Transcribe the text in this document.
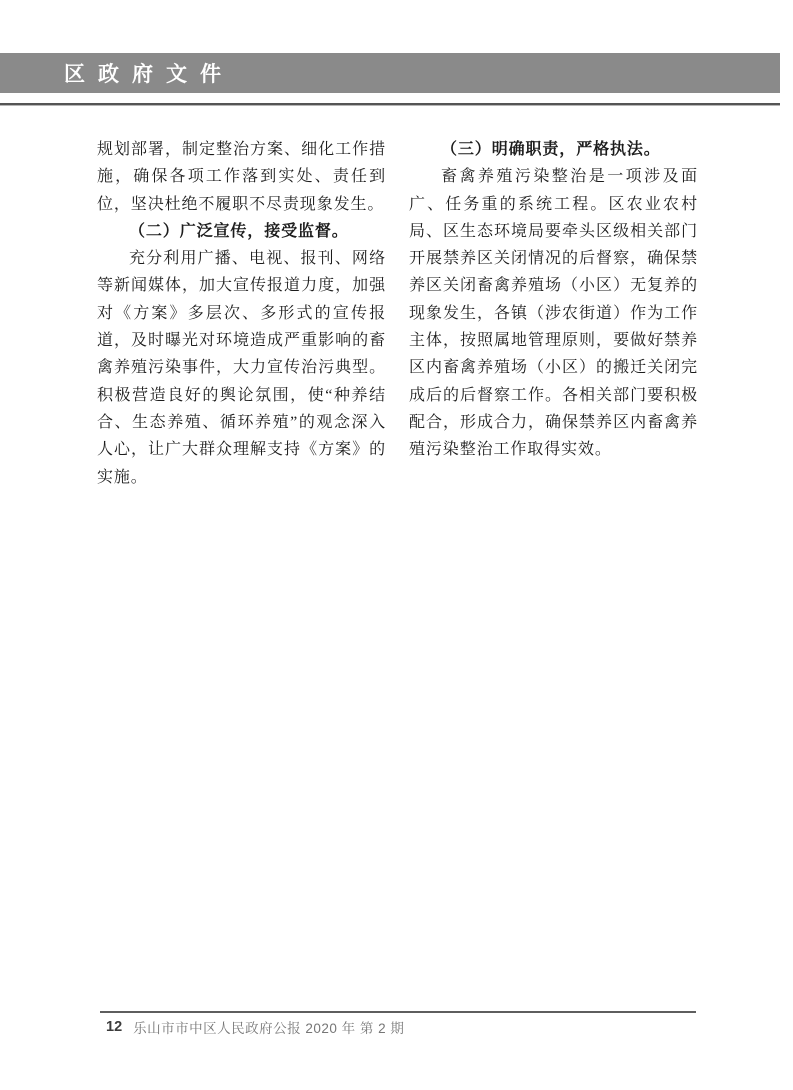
区政府文件

规划部署，制定整治方案、细化工作措施，确保各项工作落到实处、责任到位，坚决杜绝不履职不尽责现象发生。

（二）广泛宣传，接受监督。

充分利用广播、电视、报刊、网络等新闻媒体，加大宣传报道力度，加强对《方案》多层次、多形式的宣传报道，及时曝光对环境造成严重影响的畜禽养殖污染事件，大力宣传治污典型。积极营造良好的舆论氛围，使“种养结合、生态养殖、循环养殖”的观念深入人心，让广大群众理解支持《方案》的实施。

（三）明确职责，严格执法。

畜禽养殖污染整治是一项涉及面广、任务重的系统工程。区农业农村局、区生态环境局要牵头区级相关部门开展禁养区关闭情况的后督察，确保禁养区关闭畜禽养殖场（小区）无复养的现象发生，各镇（涉农街道）作为工作主体，按照属地管理原则，要做好禁养区内畜禽养殖场（小区）的搬迁关闭完成后的后督察工作。各相关部门要积极配合，形成合力，确保禁养区内畜禽养殖污染整治工作取得实效。

12 乐山市市中区人民政府公报 2020 年 第 2 期
